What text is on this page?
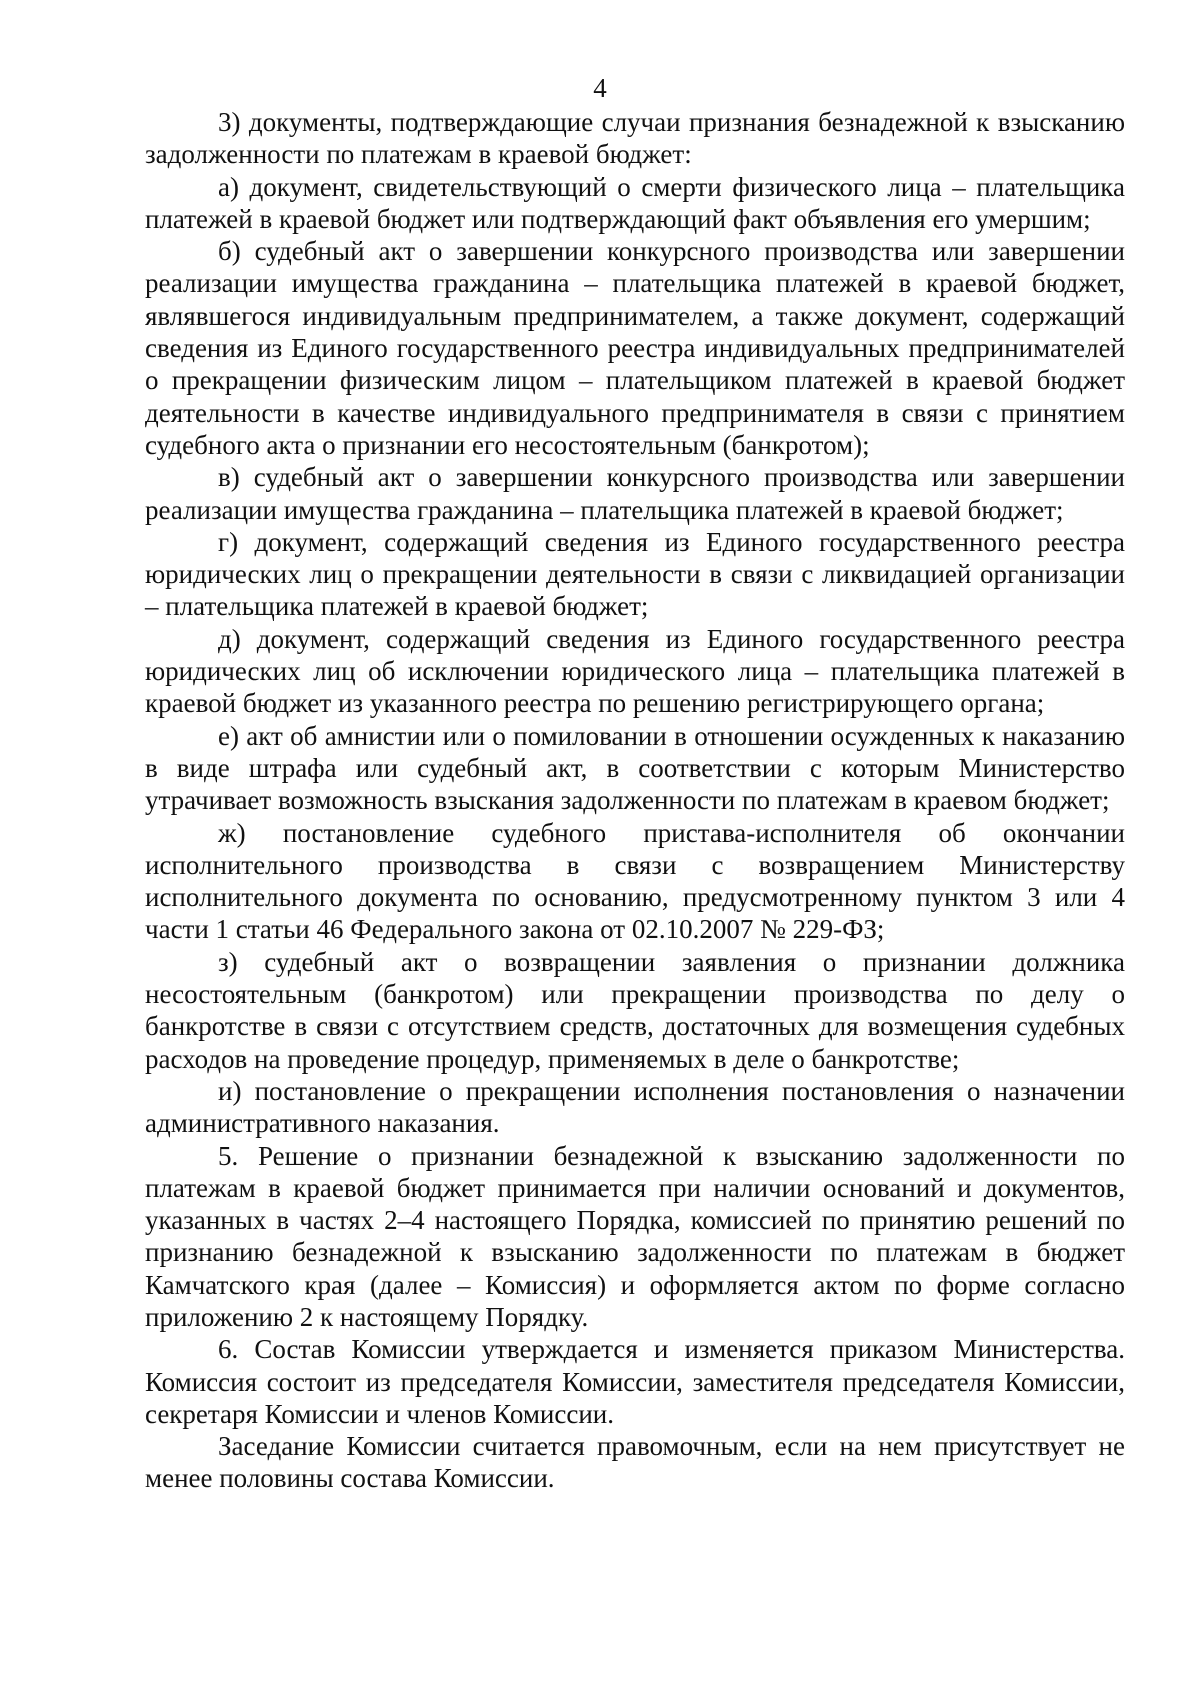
4

3) документы, подтверждающие случаи признания безнадежной к взысканию задолженности по платежам в краевой бюджет:

а) документ, свидетельствующий о смерти физического лица – плательщика платежей в краевой бюджет или подтверждающий факт объявления его умершим;

б) судебный акт о завершении конкурсного производства или завершении реализации имущества гражданина – плательщика платежей в краевой бюджет, являвшегося индивидуальным предпринимателем, а также документ, содержащий сведения из Единого государственного реестра индивидуальных предпринимателей о прекращении физическим лицом – плательщиком платежей в краевой бюджет деятельности в качестве индивидуального предпринимателя в связи с принятием судебного акта о признании его несостоятельным (банкротом);

в) судебный акт о завершении конкурсного производства или завершении реализации имущества гражданина – плательщика платежей в краевой бюджет;

г) документ, содержащий сведения из Единого государственного реестра юридических лиц о прекращении деятельности в связи с ликвидацией организации – плательщика платежей в краевой бюджет;

д) документ, содержащий сведения из Единого государственного реестра юридических лиц об исключении юридического лица – плательщика платежей в краевой бюджет из указанного реестра по решению регистрирующего органа;

е) акт об амнистии или о помиловании в отношении осужденных к наказанию в виде штрафа или судебный акт, в соответствии с которым Министерство утрачивает возможность взыскания задолженности по платежам в краевом бюджет;

ж) постановление судебного пристава-исполнителя об окончании исполнительного производства в связи с возвращением Министерству исполнительного документа по основанию, предусмотренному пунктом 3 или 4 части 1 статьи 46 Федерального закона от 02.10.2007 № 229-ФЗ;

з) судебный акт о возвращении заявления о признании должника несостоятельным (банкротом) или прекращении производства по делу о банкротстве в связи с отсутствием средств, достаточных для возмещения судебных расходов на проведение процедур, применяемых в деле о банкротстве;

и) постановление о прекращении исполнения постановления о назначении административного наказания.

5. Решение о признании безнадежной к взысканию задолженности по платежам в краевой бюджет принимается при наличии оснований и документов, указанных в частях 2–4 настоящего Порядка, комиссией по принятию решений по признанию безнадежной к взысканию задолженности по платежам в бюджет Камчатского края (далее – Комиссия) и оформляется актом по форме согласно приложению 2 к настоящему Порядку.

6. Состав Комиссии утверждается и изменяется приказом Министерства. Комиссия состоит из председателя Комиссии, заместителя председателя Комиссии, секретаря Комиссии и членов Комиссии.

Заседание Комиссии считается правомочным, если на нем присутствует не менее половины состава Комиссии.
